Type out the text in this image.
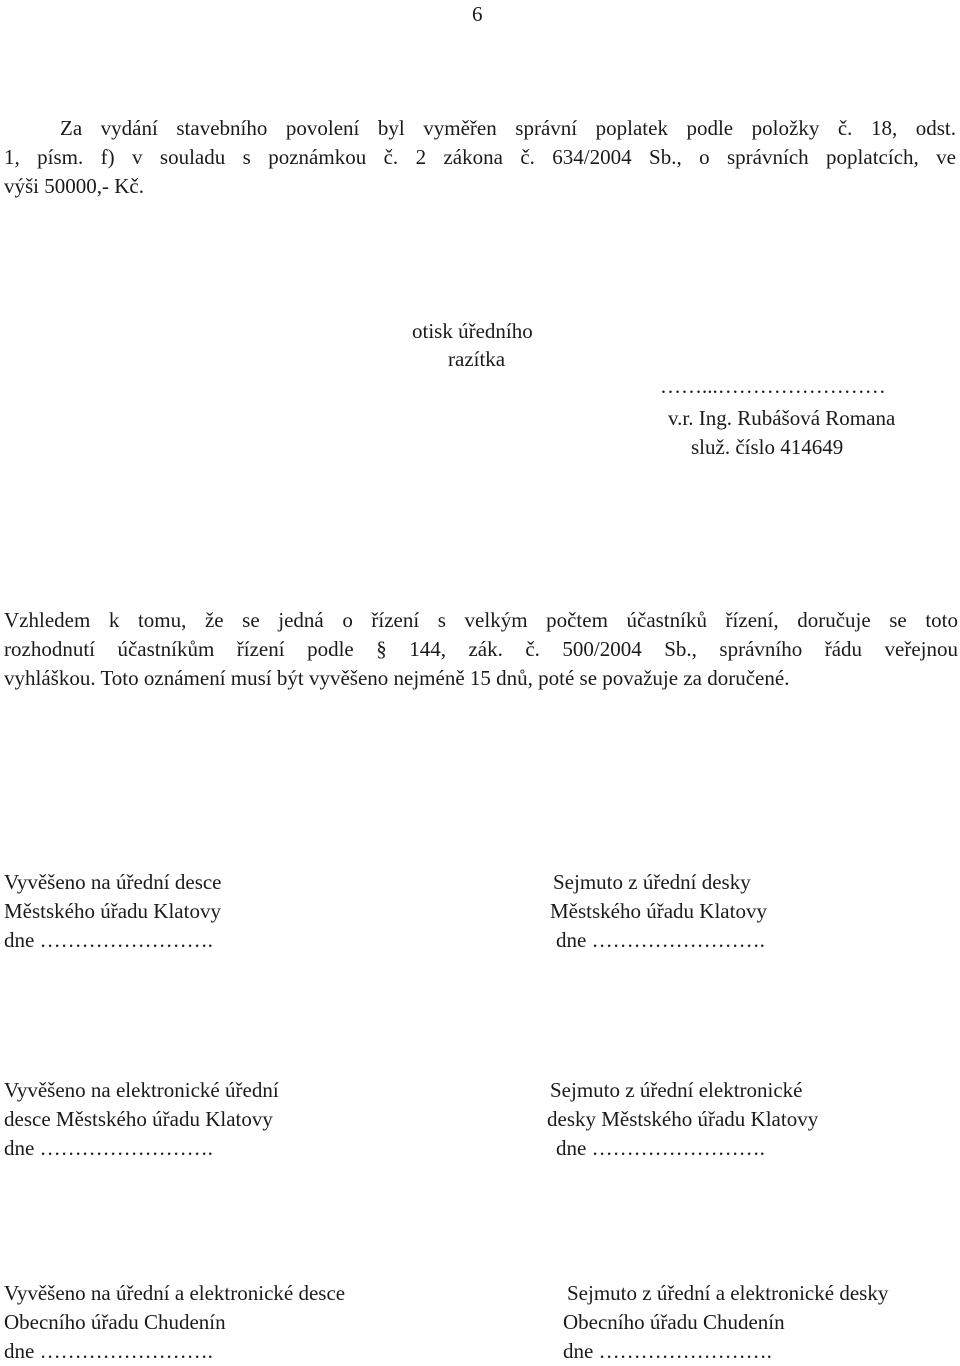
6
Za vydání stavebního povolení byl vyměřen správní poplatek podle položky č. 18, odst.
1, písm. f) v souladu s poznámkou č. 2 zákona č. 634/2004 Sb., o správních poplatcích, ve
výši 50000,- Kč.
otisk úředního
razítka
……...……………………
v.r. Ing. Rubášová Romana
služ. číslo 414649
Vzhledem k tomu, že se jedná o řízení s velkým počtem účastníků řízení, doručuje se toto
rozhodnutí účastníkům řízení podle § 144, zák. č. 500/2004 Sb., správního řádu veřejnou
vyhláškou. Toto oznámení musí být vyvěšeno nejméně 15 dnů, poté se považuje za doručené.
Vyvěšeno na úřední desce
Městského úřadu Klatovy
dne …………………….
Sejmuto z úřední desky
Městského úřadu Klatovy
dne …………………….
Vyvěšeno na elektronické úřední
desce Městského úřadu Klatovy
dne …………………….
Sejmuto z úřední elektronické
desky Městského úřadu Klatovy
dne …………………….
Vyvěšeno na úřední a elektronické desce
Obecního úřadu Chudenín
dne …………………….
Sejmuto z úřední a elektronické desky
Obecního úřadu Chudenín
dne …………………….
